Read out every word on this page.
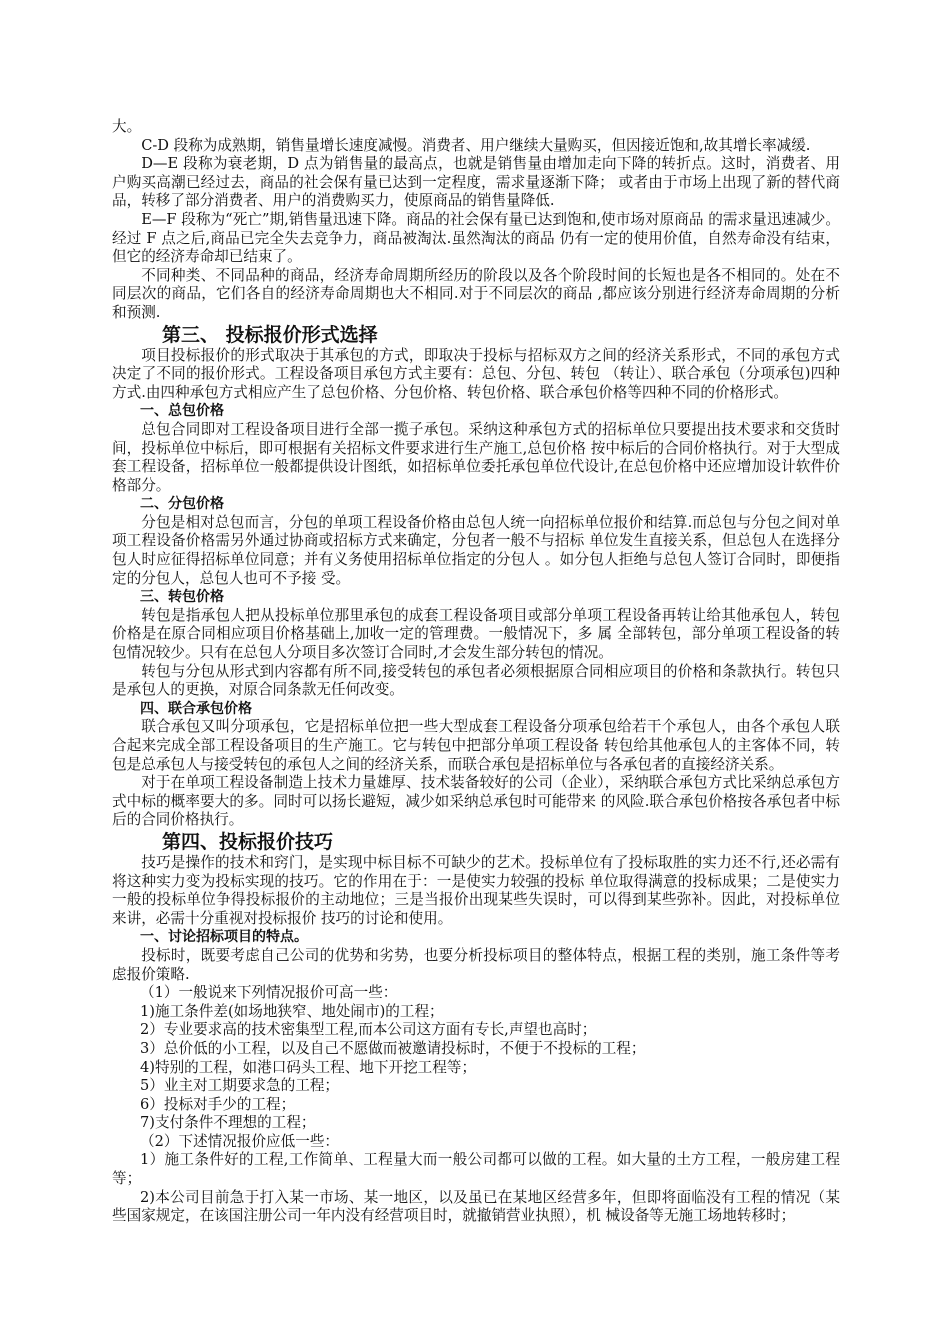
大。

C-D 段称为成熟期，销售量增长速度减慢。消费者、用户继续大量购买，但因接近饱和,故其增长率减缓.

D—E 段称为衰老期，D 点为销售量的最高点，也就是销售量由增加走向下降的转折点。这时，消费者、用户购买高潮已经过去，商品的社会保有量已达到一定程度，需求量逐渐下降； 或者由于市场上出现了新的替代商品，转移了部分消费者、用户的消费购买力，使原商品的销售量降低.

E—F 段称为“死亡”期,销售量迅速下降。商品的社会保有量已达到饱和,使市场对原商品 的需求量迅速减少。经过 F 点之后,商品已完全失去竞争力，商品被淘汰.虽然淘汰的商品 仍有一定的使用价值，自然寿命没有结束，但它的经济寿命却已结束了。

不同种类、不同品种的商品，经济寿命周期所经历的阶段以及各个阶段时间的长短也是各不相同的。处在不同层次的商品，它们各自的经济寿命周期也大不相同.对于不同层次的商品 ,都应该分别进行经济寿命周期的分析和预测.

第三、 投标报价形式选择

项目投标报价的形式取决于其承包的方式，即取决于投标与招标双方之间的经济关系形式，不同的承包方式决定了不同的报价形式。工程设备项目承包方式主要有：总包、分包、转包 （转让）、联合承包（分项承包)四种方式.由四种承包方式相应产生了总包价格、分包价格、转包价格、联合承包价格等四种不同的价格形式。

一、总包价格

总包合同即对工程设备项目进行全部一揽子承包。采纳这种承包方式的招标单位只要提出技术要求和交货时间，投标单位中标后，即可根据有关招标文件要求进行生产施工,总包价格 按中标后的合同价格执行。对于大型成套工程设备，招标单位一般都提供设计图纸，如招标单位委托承包单位代设计,在总包价格中还应增加设计软件价格部分。

二、分包价格

分包是相对总包而言，分包的单项工程设备价格由总包人统一向招标单位报价和结算.而总包与分包之间对单项工程设备价格需另外通过协商或招标方式来确定，分包者一般不与招标 单位发生直接关系，但总包人在选择分包人时应征得招标单位同意；并有义务使用招标单位指定的分包人 。如分包人拒绝与总包人签订合同时，即便指定的分包人，总包人也可不予接 受。

三、转包价格

转包是指承包人把从投标单位那里承包的成套工程设备项目或部分单项工程设备再转让给其他承包人，转包价格是在原合同相应项目价格基础上,加收一定的管理费。一般情况下，多 属 全部转包，部分单项工程设备的转包情况较少。只有在总包人分项目多次签订合同时,才会发生部分转包的情况。

转包与分包从形式到内容都有所不同,接受转包的承包者必须根据原合同相应项目的价格和条款执行。转包只是承包人的更换，对原合同条款无任何改变。

四、联合承包价格

联合承包又叫分项承包，它是招标单位把一些大型成套工程设备分项承包给若干个承包人，由各个承包人联合起来完成全部工程设备项目的生产施工。它与转包中把部分单项工程设备 转包给其他承包人的主客体不同，转包是总承包人与接受转包的承包人之间的经济关系，而联合承包是招标单位与各承包者的直接经济关系。

对于在单项工程设备制造上技术力量雄厚、技术装备较好的公司（企业），采纳联合承包方式比采纳总承包方式中标的概率要大的多。同时可以扬长避短，减少如采纳总承包时可能带来 的风险.联合承包价格按各承包者中标后的合同价格执行。

第四、投标报价技巧

技巧是操作的技术和窍门，是实现中标目标不可缺少的艺术。投标单位有了投标取胜的实力还不行,还必需有将这种实力变为投标实现的技巧。它的作用在于：一是使实力较强的投标 单位取得满意的投标成果；二是使实力一般的投标单位争得投标报价的主动地位；三是当报价出现某些失误时，可以得到某些弥补。因此，对投标单位来讲，必需十分重视对投标报价 技巧的讨论和使用。

一、讨论招标项目的特点。

投标时，既要考虑自己公司的优势和劣势，也要分析投标项目的整体特点，根据工程的类别，施工条件等考虑报价策略.

（1）一般说来下列情况报价可高一些：

1)施工条件差(如场地狭窄、地处闹市)的工程；

2）专业要求高的技术密集型工程,而本公司这方面有专长,声望也高时；

3）总价低的小工程，以及自己不愿做而被邀请投标时，不便于不投标的工程；

4)特别的工程，如港口码头工程、地下开挖工程等；

5）业主对工期要求急的工程；

6）投标对手少的工程；

7)支付条件不理想的工程；

（2）下述情况报价应低一些：

1）施工条件好的工程,工作简单、工程量大而一般公司都可以做的工程。如大量的土方工程，一般房建工程等；

2)本公司目前急于打入某一市场、某一地区，以及虽已在某地区经营多年，但即将面临没有工程的情况（某些国家规定，在该国注册公司一年内没有经营项目时，就撤销营业执照），机 械设备等无施工场地转移时；
